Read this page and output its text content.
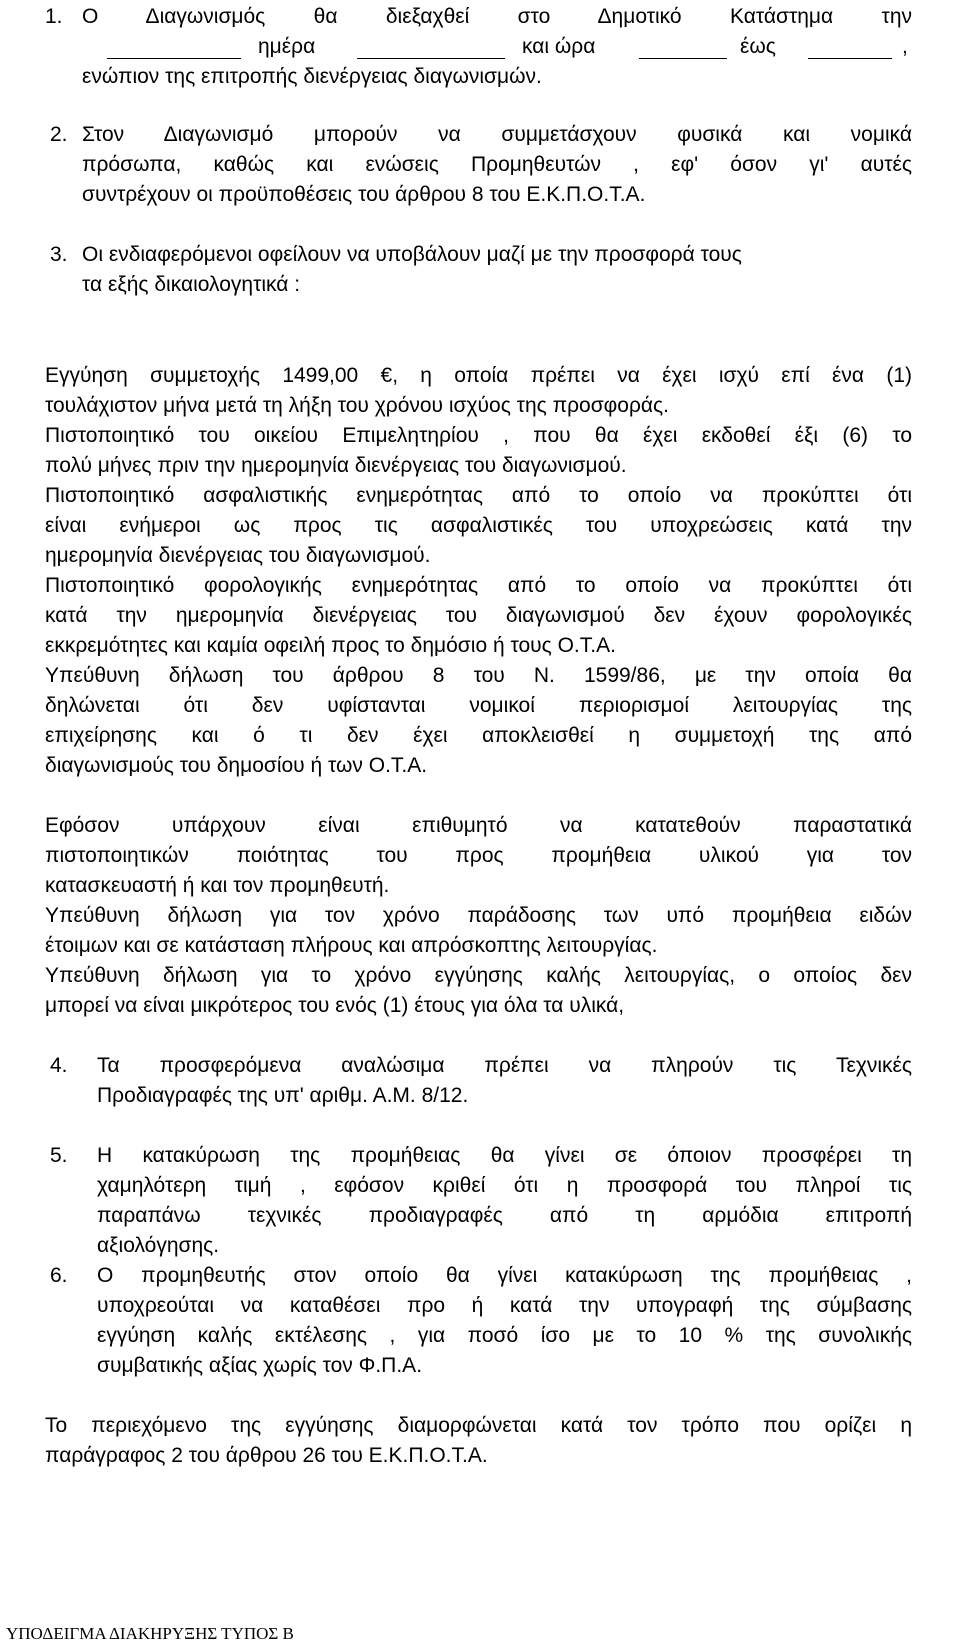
1. Ο Διαγωνισμός θα διεξαχθεί στο Δημοτικό Κατάστημα την
ημέρα	και ώρα	έως	,
ενώπιον της επιτροπής διενέργειας διαγωνισμών.
2. Στον Διαγωνισμό μπορούν να συμμετάσχουν φυσικά και νομικά
πρόσωπα, καθώς και ενώσεις Προμηθευτών , εφ' όσον γι' αυτές
συντρέχουν οι προϋποθέσεις του άρθρου 8 του Ε.Κ.Π.Ο.Τ.Α.
3. Οι ενδιαφερόμενοι οφείλουν να υποβάλουν μαζί με την προσφορά τους
τα εξής δικαιολογητικά :
Εγγύηση συμμετοχής 1499,00 €, η οποία πρέπει να έχει ισχύ επί ένα (1)
τουλάχιστον μήνα μετά τη λήξη του χρόνου ισχύος της προσφοράς.
Πιστοποιητικό του οικείου Επιμελητηρίου , που θα έχει εκδοθεί έξι (6) το
πολύ μήνες πριν την ημερομηνία διενέργειας του διαγωνισμού.
Πιστοποιητικό ασφαλιστικής ενημερότητας από το οποίο να προκύπτει ότι
είναι ενήμεροι ως προς τις ασφαλιστικές του υποχρεώσεις κατά την
ημερομηνία διενέργειας του διαγωνισμού.
Πιστοποιητικό φορολογικής ενημερότητας από το οποίο να προκύπτει ότι
κατά την ημερομηνία διενέργειας του διαγωνισμού δεν έχουν φορολογικές
εκκρεμότητες και καμία οφειλή προς το δημόσιο ή τους Ο.Τ.Α.
Υπεύθυνη δήλωση του άρθρου 8 του Ν. 1599/86, με την οποία θα
δηλώνεται ότι δεν υφίστανται νομικοί περιορισμοί λειτουργίας της
επιχείρησης και ό τι δεν έχει αποκλεισθεί η συμμετοχή της από
διαγωνισμούς του δημοσίου ή των Ο.Τ.Α.
Εφόσον υπάρχουν είναι επιθυμητό να κατατεθούν παραστατικά
πιστοποιητικών ποιότητας του προς προμήθεια υλικού για τον
κατασκευαστή ή και τον προμηθευτή.
Υπεύθυνη δήλωση για τον χρόνο παράδοσης των υπό προμήθεια ειδών
έτοιμων και σε κατάσταση πλήρους και απρόσκοπτης λειτουργίας.
Υπεύθυνη δήλωση για το χρόνο εγγύησης καλής λειτουργίας, ο οποίος δεν
μπορεί να είναι μικρότερος του ενός (1) έτους για όλα τα υλικά,
4. Τα προσφερόμενα αναλώσιμα πρέπει να πληρούν τις Τεχνικές
Προδιαγραφές της υπ' αριθμ. Α.Μ. 8/12.
5. Η κατακύρωση της προμήθειας θα γίνει σε όποιον προσφέρει τη
χαμηλότερη τιμή , εφόσον κριθεί ότι η προσφορά του πληροί τις
παραπάνω τεχνικές προδιαγραφές από τη αρμόδια επιτροπή
αξιολόγησης.
6. Ο προμηθευτής στον οποίο θα γίνει κατακύρωση της προμήθειας ,
υποχρεούται να καταθέσει προ ή κατά την υπογραφή της σύμβασης
εγγύηση καλής εκτέλεσης , για ποσό ίσο με το 10 % της συνολικής
συμβατικής αξίας χωρίς τον Φ.Π.Α.
Το περιεχόμενο της εγγύησης διαμορφώνεται κατά τον τρόπο που ορίζει η
παράγραφος 2 του άρθρου 26 του Ε.Κ.Π.Ο.Τ.Α.
ΥΠΟΔΕΙΓΜΑ ΔΙΑΚΗΡΥΞΗΣ ΤΥΠΟΣ Β
